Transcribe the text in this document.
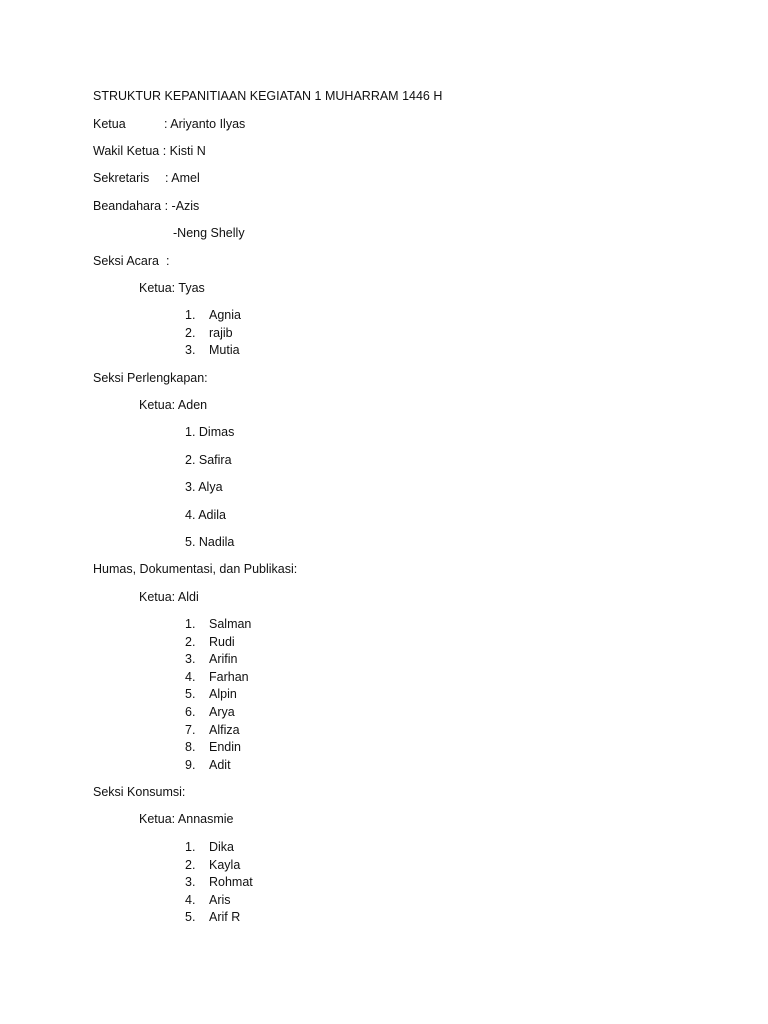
STRUKTUR KEPANITIAAN KEGIATAN 1 MUHARRAM 1446 H
Ketua	: Ariyanto Ilyas
Wakil Ketua : Kisti N
Sekretaris : Amel
Beandahara : -Azis
-Neng Shelly
Seksi Acara  :
Ketua: Tyas
1. Agnia
2. rajib
3. Mutia
Seksi Perlengkapan:
Ketua: Aden
1. Dimas
2. Safira
3. Alya
4. Adila
5. Nadila
Humas, Dokumentasi, dan Publikasi:
Ketua: Aldi
1. Salman
2. Rudi
3. Arifin
4. Farhan
5. Alpin
6. Arya
7. Alfiza
8. Endin
9. Adit
Seksi Konsumsi:
Ketua: Annasmie
1. Dika
2. Kayla
3. Rohmat
4. Aris
5. Arif R
